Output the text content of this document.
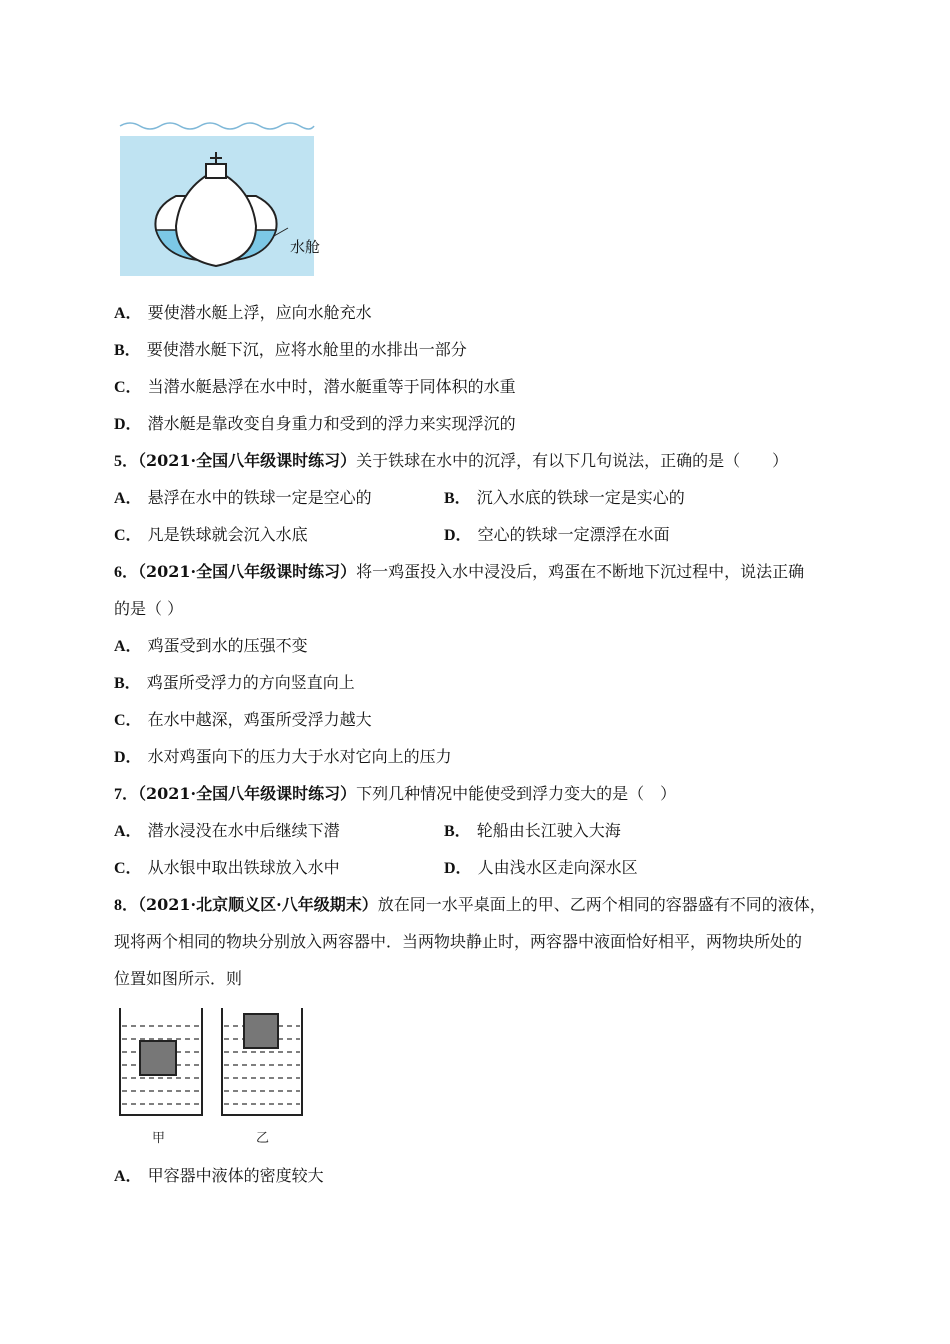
水舱
A． 要使潜水艇上浮，应向水舱充水
B． 要使潜水艇下沉，应将水舱里的水排出一部分
C． 当潜水艇悬浮在水中时，潜水艇重等于同体积的水重
D． 潜水艇是靠改变自身重力和受到的浮力来实现浮沉的
5．（2021·全国八年级课时练习）关于铁球在水中的沉浮，有以下几句说法，正确的是（　　）
A． 悬浮在水中的铁球一定是空心的	B． 沉入水底的铁球一定是实心的
C． 凡是铁球就会沉入水底	D． 空心的铁球一定漂浮在水面
6．（2021·全国八年级课时练习）将一鸡蛋投入水中浸没后，鸡蛋在不断地下沉过程中，说法正确
的是（ ）
A． 鸡蛋受到水的压强不变
B． 鸡蛋所受浮力的方向竖直向上
C． 在水中越深，鸡蛋所受浮力越大
D． 水对鸡蛋向下的压力大于水对它向上的压力
7．（2021·全国八年级课时练习）下列几种情况中能使受到浮力变大的是（　）
A． 潜水浸没在水中后继续下潜	B． 轮船由长江驶入大海
C． 从水银中取出铁球放入水中	D． 人由浅水区走向深水区
8．（2021·北京顺义区·八年级期末）放在同一水平桌面上的甲、乙两个相同的容器盛有不同的液体，
现将两个相同的物块分别放入两容器中．当两物块静止时，两容器中液面恰好相平，两物块所处的
位置如图所示．则
甲	乙
A． 甲容器中液体的密度较大
